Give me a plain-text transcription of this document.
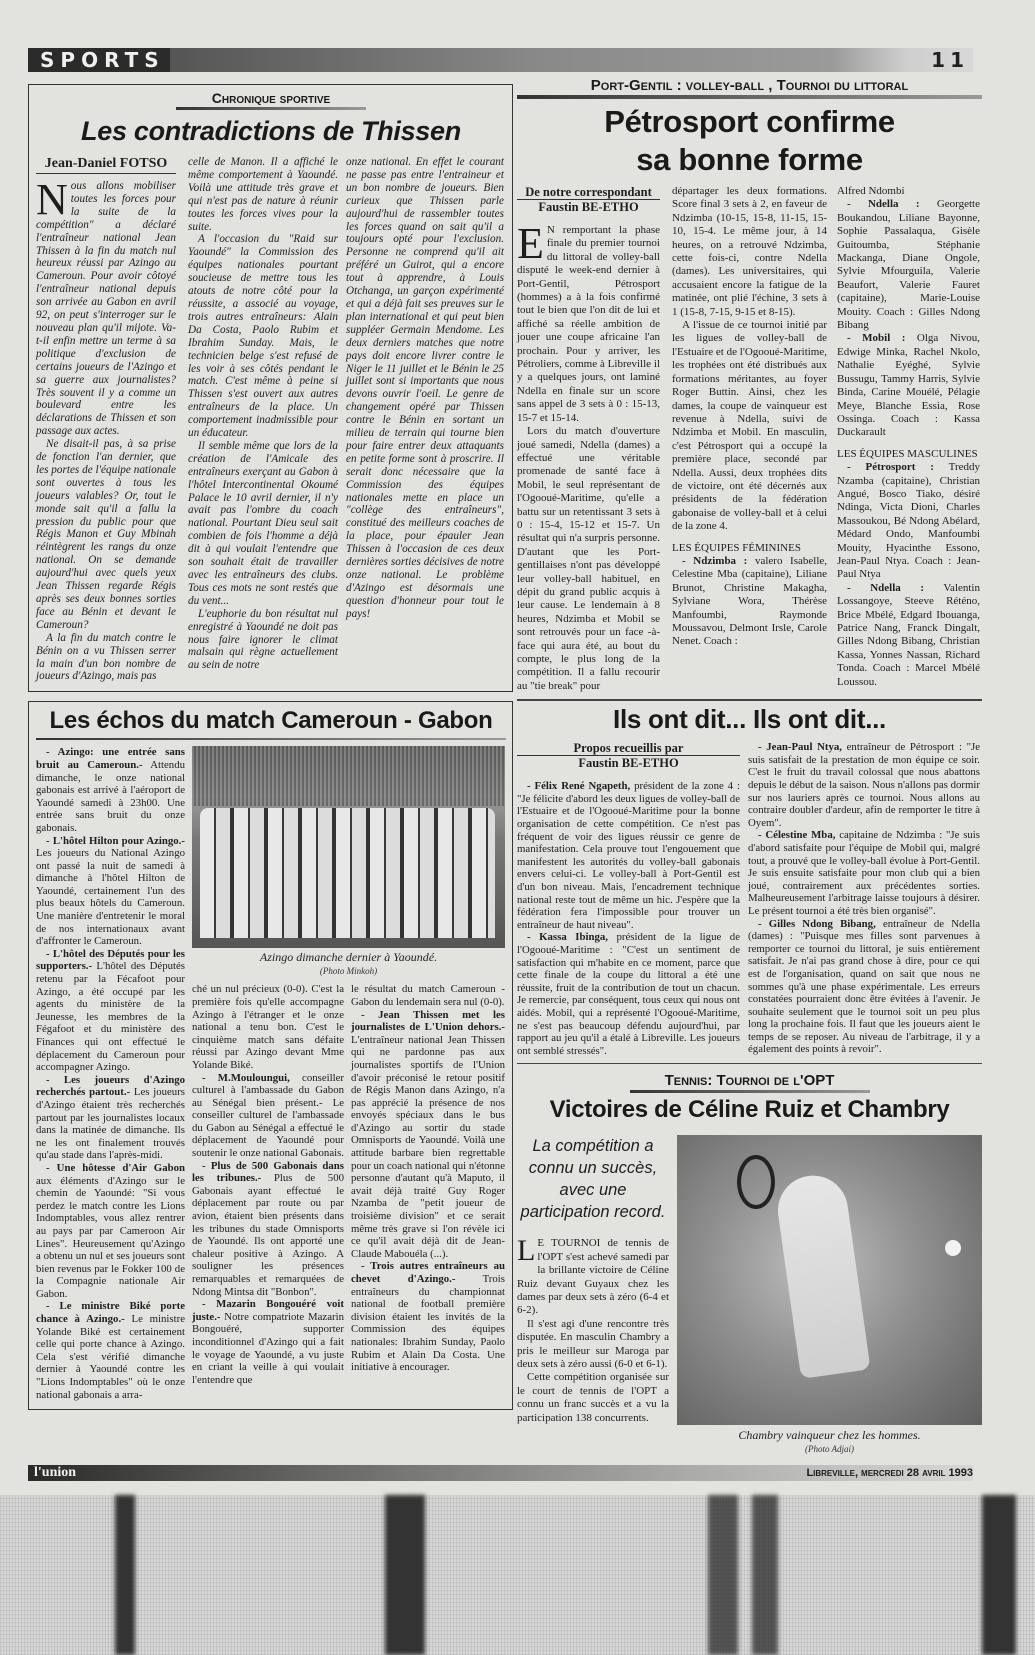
SPORTS	11
Chronique sportive
Les contradictions de Thissen
Jean-Daniel FOTSO

Nous allons mobiliser toutes les forces pour la suite de la compétition" a déclaré l'entraîneur national Jean Thissen à la fin du match nul heureux réussi par Azingo au Cameroun. Pour avoir côtoyé l'entraîneur national depuis son arrivée au Gabon en avril 92, on peut s'interroger sur le nouveau plan qu'il mijote. Va-t-il enfin mettre un terme à sa politique d'exclusion de certains joueurs de l'Azingo et sa guerre aux journalistes? Très souvent il y a comme un boulevard entre les déclarations de Thissen et son passage aux actes.

Ne disait-il pas, à sa prise de fonction l'an dernier, que les portes de l'équipe nationale sont ouvertes à tous les joueurs valables? Or, tout le monde sait qu'il a fallu la pression du public pour que Régis Manon et Guy Mbinah réintègrent les rangs du onze national. On se demande aujourd'hui avec quels yeux Jean Thissen regarde Régis après ses deux bonnes sorties face au Bénin et devant le Cameroun?

A la fin du match contre le Bénin on a vu Thissen serrer la main d'un bon nombre de joueurs d'Azingo, mais pas

celle de Manon. Il a affiché le même comportement à Yaoundé. Voilà une attitude très grave et qui n'est pas de nature à réunir toutes les forces vives pour la suite.

A l'occasion du "Raid sur Yaoundé" la Commission des équipes nationales pourtant soucieuse de mettre tous les atouts de notre côté pour la réussite, a associé au voyage, trois autres entraîneurs: Alain Da Costa, Paolo Rubim et Ibrahim Sunday. Mais, le technicien belge s'est refusé de les voir à ses côtés pendant le match. C'est même à peine si Thissen s'est ouvert aux autres entraîneurs de la place. Un comportement inadmissible pour un éducateur.

Il semble même que lors de la création de l'Amicale des entraîneurs exerçant au Gabon à l'hôtel Intercontinental Okoumé Palace le 10 avril dernier, il n'y avait pas l'ombre du coach national. Pourtant Dieu seul sait combien de fois l'homme a déjà dit à qui voulait l'entendre que son souhait était de travailler avec les entraîneurs des clubs. Tous ces mots ne sont restés que du vent...

L'euphorie du bon résultat nul enregistré à Yaoundé ne doit pas nous faire ignorer le climat malsain qui règne actuellement au sein de notre

onze national. En effet le courant ne passe pas entre l'entraineur et un bon nombre de joueurs. Bien curieux que Thissen parle aujourd'hui de rassembler toutes les forces quand on sait qu'il a toujours opté pour l'exclusion. Personne ne comprend qu'il ait préféré un Guirot, qui a encore tout à apprendre, à Louis Otchanga, un garçon expérimenté et qui a déjà fait ses preuves sur le plan international et qui peut bien suppléer Germain Mendome. Les deux derniers matches que notre pays doit encore livrer contre le Niger le 11 juillet et le Bénin le 25 juillet sont si importants que nous devons ouvrir l'oeil. Le genre de changement opéré par Thissen contre le Bénin en sortant un milieu de terrain qui tourne bien pour faire entrer deux attaquants en petite forme sont à proscrire. Il serait donc nécessaire que la Commission des équipes nationales mette en place un "collège des entraîneurs", constitué des meilleurs coaches de la place, pour épauler Jean Thissen à l'occasion de ces deux dernières sorties décisives de notre onze national. Le problème d'Azingo est désormais une question d'honneur pour tout le pays!

Les échos du match Cameroun - Gabon

- Azingo: une entrée sans bruit au Cameroun.- Attendu dimanche, le onze national gabonais est arrivé à l'aéroport de Yaoundé samedi à 23h00. Une entrée sans bruit du onze gabonais.

- L'hôtel Hilton pour Azingo.- Les joueurs du National Azingo ont passé la nuit de samedi à dimanche à l'hôtel Hilton de Yaoundé, certainement l'un des plus beaux hôtels du Cameroun. Une manière d'entretenir le moral de nos internationaux avant d'affronter le Cameroun.

- L'hôtel des Députés pour les supporters.- L'hôtel des Députés retenu par la Fécafoot pour Azingo, a été occupé par les agents du ministère de la Jeunesse, les membres de la Fégafoot et du ministère des Finances qui ont effectué le déplacement du Cameroun pour accompagner Azingo.

- Les joueurs d'Azingo recherchés partout.- Les joueurs d'Azingo étaient très recherchés partout par les journalistes locaux dans la matinée de dimanche. Ils ne les ont finalement trouvés qu'au stade dans l'après-midi.

- Une hôtesse d'Air Gabon aux éléments d'Azingo sur le chemin de Yaoundé: "Si vous perdez le match contre les Lions Indomptables, vous allez rentrer au pays par par Cameroon Air Lines". Heureusement qu'Azingo a obtenu un nul et ses joueurs sont bien revenus par le Fokker 100 de la Compagnie nationale Air Gabon.

- Le ministre Biké porte chance à Azingo.- Le ministre Yolande Biké est certainement celle qui porte chance à Azingo. Cela s'est vérifié dimanche dernier à Yaoundé contre les "Lions Indomptables" où le onze national gabonais a arra-

Azingo dimanche dernier à Yaoundé.
(Photo Minkoh)

ché un nul précieux (0-0). C'est la première fois qu'elle accompagne Azingo à l'étranger et le onze national a tenu bon. C'est le cinquième match sans défaite réussi par Azingo devant Mme Yolande Biké.

- M.Mouloungui, conseiller culturel à l'ambassade du Gabon au Sénégal bien présent.- Le conseiller culturel de l'ambassade du Gabon au Sénégal a effectué le déplacement de Yaoundé pour soutenir le onze national Gabonais.

- Plus de 500 Gabonais dans les tribunes.- Plus de 500 Gabonais ayant effectué le déplacement par route ou par avion, étaient bien présents dans les tribunes du stade Omnisports de Yaoundé. Ils ont apporté une chaleur positive à Azingo. A souligner les présences remarquables et remarquées de Ndong Mintsa dit "Bonbon".

- Mazarin Bongouéré voit juste.- Notre compatriote Mazarin Bongouéré, supporter inconditionnel d'Azingo qui a fait le voyage de Yaoundé, a vu juste en criant la veille à qui voulait l'entendre que

le résultat du match Cameroun - Gabon du lendemain sera nul (0-0).

- Jean Thissen met les journalistes de L'Union dehors.- L'entraîneur national Jean Thissen qui ne pardonne pas aux journalistes sportifs de l'Union d'avoir préconisé le retour positif de Régis Manon dans Azingo, n'a pas apprécié la présence de nos envoyés spéciaux dans le bus d'Azingo au sortir du stade Omnisports de Yaoundé. Voilà une attitude barbare bien regrettable pour un coach national qui n'étonne personne d'autant qu'à Maputo, il avait déjà traité Guy Roger Nzamba de "petit joueur de troisième division" et ce serait même très grave si l'on révèle ici ce qu'il avait déjà dit de Jean-Claude Mabouéla (...).

- Trois autres entraîneurs au chevet d'Azingo.- Trois entraîneurs du championnat national de football première division étaient les invités de la Commission des équipes nationales: Ibrahim Sunday, Paolo Rubim et Alain Da Costa. Une initiative à encourager.

Port-Gentil : volley-ball , Tournoi du littoral
Pétrosport confirme
sa bonne forme
De notre correspondant
Faustin BE-ETHO

E N remportant la phase finale du premier tournoi du littoral de volley-ball disputé le week-end dernier à Port-Gentil, Pétrosport (hommes) a à la fois confirmé tout le bien que l'on dit de lui et affiché sa réelle ambition de jouer une coupe africaine l'an prochain. Pour y arriver, les Pétroliers, comme à Libreville il y a quelques jours, ont laminé Ndella en finale sur un score sans appel de 3 sets à 0 : 15-13, 15-7 et 15-14.

Lors du match d'ouverture joué samedi, Ndella (dames) a effectué une véritable promenade de santé face à Mobil, le seul représentant de l'Ogooué-Maritime, qu'elle a battu sur un retentissant 3 sets à 0 : 15-4, 15-12 et 15-7. Un résultat qui n'a surpris personne. D'autant que les Port-gentillaises n'ont pas développé leur volley-ball habituel, en dépit du grand public acquis à leur cause. Le lendemain à 8 heures, Ndzimba et Mobil se sont retrouvés pour un face -à- face qui aura été, au bout du compte, le plus long de la compétition. Il a fallu recourir au "tie break" pour

départager les deux formations. Score final 3 sets à 2, en faveur de Ndzimba (10-15, 15-8, 11-15, 15-10, 15-4. Le même jour, à 14 heures, on a retrouvé Ndzimba, cette fois-ci, contre Ndella (dames). Les universitaires, qui accusaient encore la fatigue de la matinée, ont plié l'échine, 3 sets à 1 (15-8, 7-15, 9-15 et 8-15).

A l'issue de ce tournoi initié par les ligues de volley-ball de l'Estuaire et de l'Ogooué-Maritime, les trophées ont été distribués aux formations méritantes, au foyer Roger Buttin. Ainsi, chez les dames, la coupe de vainqueur est revenue à Ndella, suivi de Ndzimba et Mobil. En masculin, c'est Pétrosport qui a occupé la première place, secondé par Ndella. Aussi, deux trophées dits de victoire, ont été décernés aux présidents de la fédération gabonaise de volley-ball et à celui de la zone 4.

LES ÉQUIPES FÉMININES

- Ndzimba : valero Isabelle, Celestine Mba (capitaine), Liliane Brunot, Christine Makagha, Sylviane Wora, Thérèse Manfoumbi, Raymonde Moussavou, Delmont Irsle, Carole Nenet. Coach :

Alfred Ndombi

- Ndella : Georgette Boukandou, Liliane Bayonne, Sophie Passalaqua, Gisèle Guitoumba, Stéphanie Mackanga, Diane Ongole, Sylvie Mfourguila, Valerie Beaufort, Valerie Fauret (capitaine), Marie-Louise Mouity. Coach : Gilles Ndong Bibang

- Mobil : Olga Nivou, Edwige Minka, Rachel Nkolo, Nathalie Eyéghé, Sylvie Bussugu, Tammy Harris, Sylvie Binda, Carine Mouélé, Pélagie Meye, Blanche Essia, Rose Ossinga. Coach : Kassa Duckarault

LES ÉQUIPES MASCULINES

- Pétrosport : Treddy Nzamba (capitaine), Christian Angué, Bosco Tiako, désiré Ndinga, Victa Dioni, Charles Massoukou, Bé Ndong Abélard, Médard Ondo, Manfoumbi Mouity, Hyacinthe Essono, Jean-Paul Ntya. Coach : Jean-Paul Ntya

- Ndella : Valentin Lossangoye, Steeve Réténo, Brice Mbélé, Edgard Ibouanga, Patrice Nang, Franck Dingalt, Gilles Ndong Bibang, Christian Kassa, Yonnes Nassan, Richard Tonda. Coach : Marcel Mbélé Loussou.

Ils ont dit... Ils ont dit...
Propos recueillis par
Faustin BE-ETHO

- Félix René Ngapeth, président de la zone 4 : "Je félicite d'abord les deux ligues de volley-ball de l'Estuaire et de l'Ogooué-Maritime pour la bonne organisation de cette compétition. Ce n'est pas fréquent de voir des ligues réussir ce genre de manifestation. Cela prouve tout l'engouement que manifestent les autorités du volley-ball gabonais envers celui-ci. Le volley-ball à Port-Gentil est d'un bon niveau. Mais, l'encadrement technique national reste tout de même un hic. J'espère que la fédération fera l'impossible pour trouver un entraîneur de haut niveau".

- Kassa Ibinga, président de la ligue de l'Ogooué-Maritime : "C'est un sentiment de satisfaction qui m'habite en ce moment, parce que cette finale de la coupe du littoral a été une réussite, fruit de la contribution de tout un chacun. Je remercie, par conséquent, tous ceux qui nous ont aidés. Mobil, qui a représenté l'Ogooué-Maritime, ne s'est pas beaucoup défendu aujourd'hui, par rapport au jeu qu'il a étalé à Libreville. Les joueurs ont semblé stressés".

- Jean-Paul Ntya, entraîneur de Pétrosport : "Je suis satisfait de la prestation de mon équipe ce soir. C'est le fruit du travail colossal que nous abattons depuis le début de la saison. Nous n'allons pas dormir sur nos lauriers après ce tournoi. Nous allons au contraire doubler d'ardeur, afin de remporter le titre à Oyem".

- Célestine Mba, capitaine de Ndzimba : "Je suis d'abord satisfaite pour l'équipe de Mobil qui, malgré tout, a prouvé que le volley-ball évolue à Port-Gentil. Je suis ensuite satisfaite pour mon club qui a bien joué, contrairement aux précédentes sorties. Malheureusement l'arbitrage laisse toujours à désirer. Le présent tournoi a été très bien organisé".

- Gilles Ndong Bibang, entraîneur de Ndella (dames) : "Puisque mes filles sont parvenues à remporter ce tournoi du littoral, je suis entièrement satisfait. Je n'ai pas grand chose à dire, pour ce qui est de l'organisation, quand on sait que nous ne sommes qu'à une phase expérimentale. Les erreurs constatées pourraient donc être évitées à l'avenir. Je souhaite seulement que le tournoi soit un peu plus long la prochaine fois. Il faut que les joueurs aient le temps de se reposer. Au niveau de l'arbitrage, il y a également des points à revoir".

Tennis: Tournoi de l'OPT
Victoires de Céline Ruiz et Chambry
La compétition a connu un succès, avec une participation record.

L E TOURNOI de tennis de l'OPT s'est achevé samedi par la brillante victoire de Céline Ruiz devant Guyaux chez les dames par deux sets à zéro (6-4 et 6-2).

Il s'est agi d'une rencontre très disputée. En masculin Chambry a pris le meilleur sur Maroga par deux sets à zéro aussi (6-0 et 6-1).

Cette compétition organisée sur le court de tennis de l'OPT a connu un franc succès et a vu la participation 138 concurrents.

Chambry vainqueur chez les hommes.
(Photo Adjai)
l'union	Libreville, mercredi 28 avril 1993
